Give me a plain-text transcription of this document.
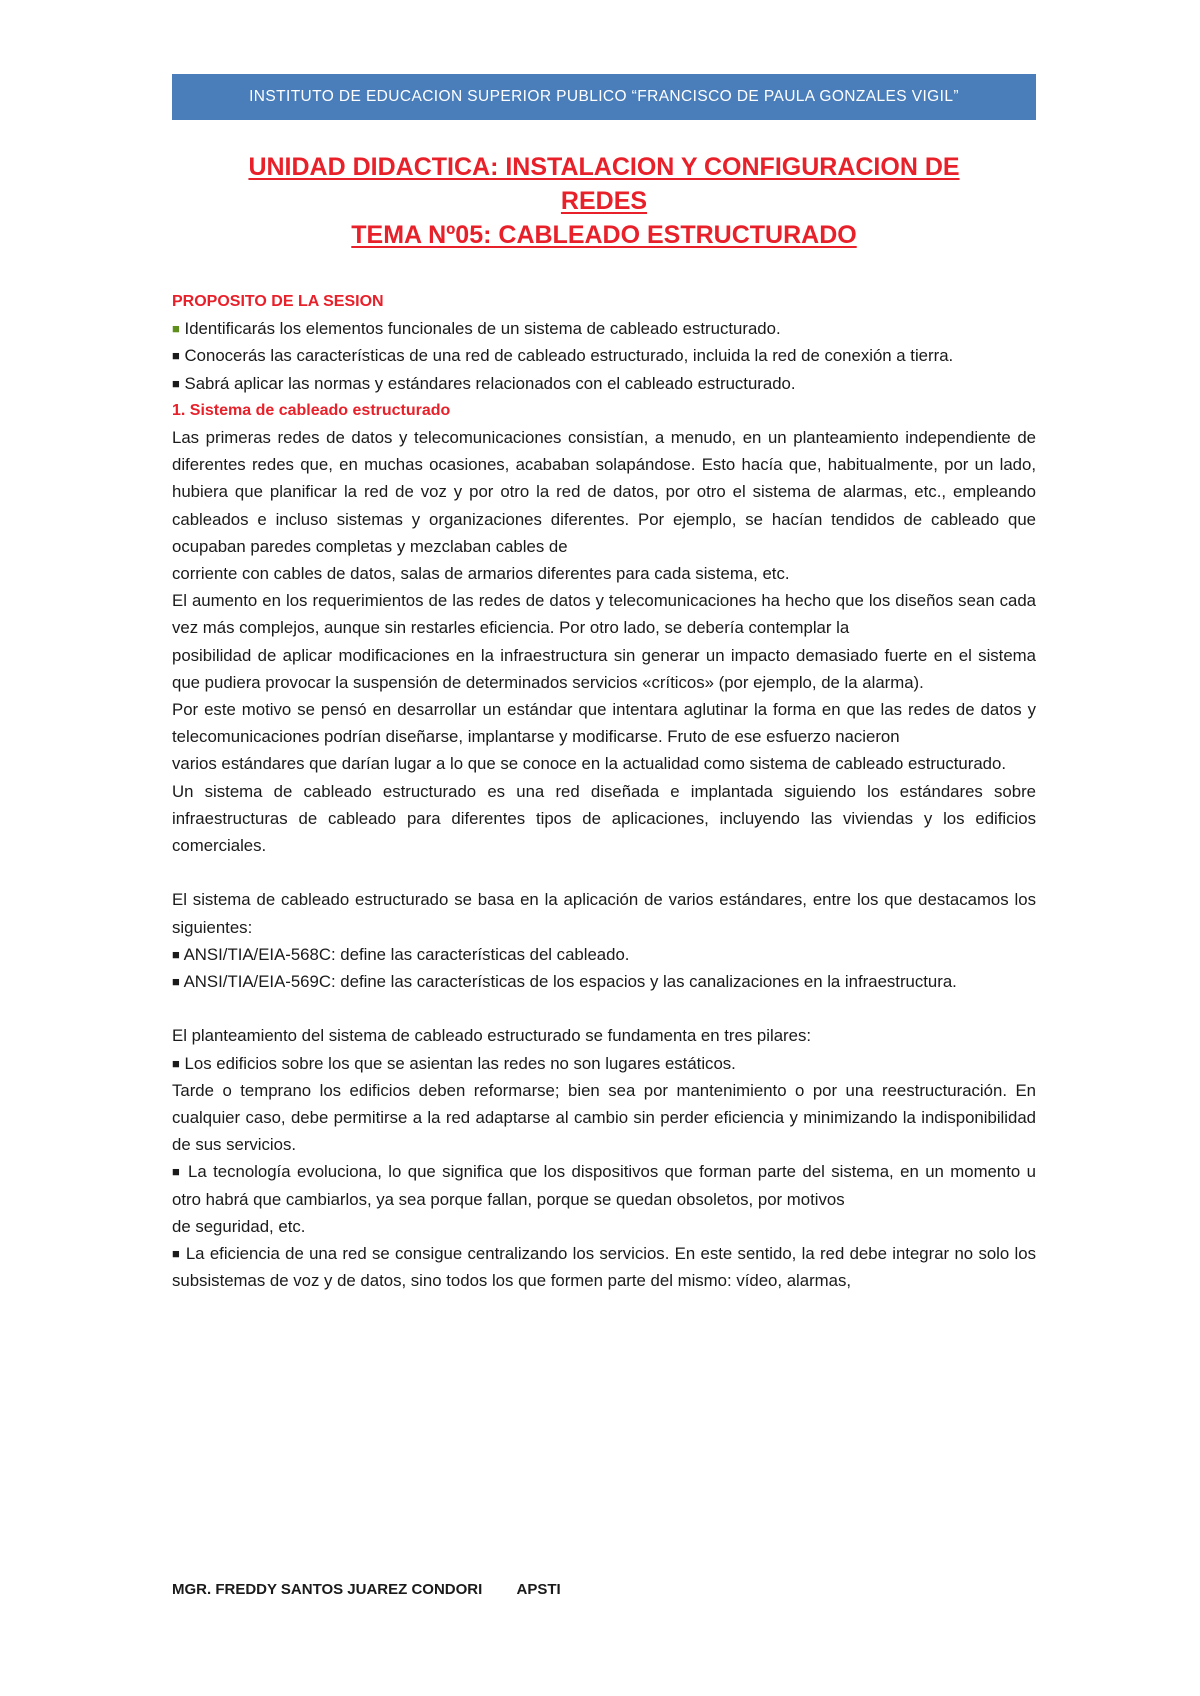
INSTITUTO DE EDUCACION SUPERIOR PUBLICO “FRANCISCO DE PAULA GONZALES VIGIL”
UNIDAD DIDACTICA: INSTALACION Y CONFIGURACION DE
REDES
TEMA Nº05: CABLEADO ESTRUCTURADO

PROPOSITO DE LA SESION

■ Identificarás los elementos funcionales de un sistema de cableado estructurado.

■ Conocerás las características de una red de cableado estructurado, incluida la red de conexión a tierra.

■ Sabrá aplicar las normas y estándares relacionados con el cableado estructurado.

1. Sistema de cableado estructurado

Las primeras redes de datos y telecomunicaciones consistían, a menudo, en un planteamiento independiente de diferentes redes que, en muchas ocasiones, acababan solapándose. Esto hacía que, habitualmente, por un lado, hubiera que planificar la red de voz y por otro la red de datos, por otro el sistema de alarmas, etc., empleando cableados e incluso sistemas y organizaciones diferentes. Por ejemplo, se hacían tendidos de cableado que ocupaban paredes completas y mezclaban cables de

corriente con cables de datos, salas de armarios diferentes para cada sistema, etc.

El aumento en los requerimientos de las redes de datos y telecomunicaciones ha hecho que los diseños sean cada vez más complejos, aunque sin restarles eficiencia. Por otro lado, se debería contemplar la

posibilidad de aplicar modificaciones en la infraestructura sin generar un impacto demasiado fuerte en el sistema que pudiera provocar la suspensión de determinados servicios «críticos» (por ejemplo, de la alarma).

Por este motivo se pensó en desarrollar un estándar que intentara aglutinar la forma en que las redes de datos y telecomunicaciones podrían diseñarse, implantarse y modificarse. Fruto de ese esfuerzo nacieron

varios estándares que darían lugar a lo que se conoce en la actualidad como sistema de cableado estructurado.

Un sistema de cableado estructurado es una red diseñada e implantada siguiendo los estándares sobre infraestructuras de cableado para diferentes tipos de aplicaciones, incluyendo las viviendas y los edificios comerciales.

El sistema de cableado estructurado se basa en la aplicación de varios estándares, entre los que destacamos los siguientes:

■ ANSI/TIA/EIA-568C: define las características del cableado.

■ ANSI/TIA/EIA-569C: define las características de los espacios y las canalizaciones en la infraestructura.

El planteamiento del sistema de cableado estructurado se fundamenta en tres pilares:

■ Los edificios sobre los que se asientan las redes no son lugares estáticos.

Tarde o temprano los edificios deben reformarse; bien sea por mantenimiento o por una reestructuración. En cualquier caso, debe permitirse a la red adaptarse al cambio sin perder eficiencia y minimizando la indisponibilidad de sus servicios.

■ La tecnología evoluciona, lo que significa que los dispositivos que forman parte del sistema, en un momento u otro habrá que cambiarlos, ya sea porque fallan, porque se quedan obsoletos, por motivos

de seguridad, etc.

■ La eficiencia de una red se consigue centralizando los servicios. En este sentido, la red debe integrar no solo los subsistemas de voz y de datos, sino todos los que formen parte del mismo: vídeo, alarmas,

MGR. FREDDY SANTOS JUAREZ CONDORI APSTI
